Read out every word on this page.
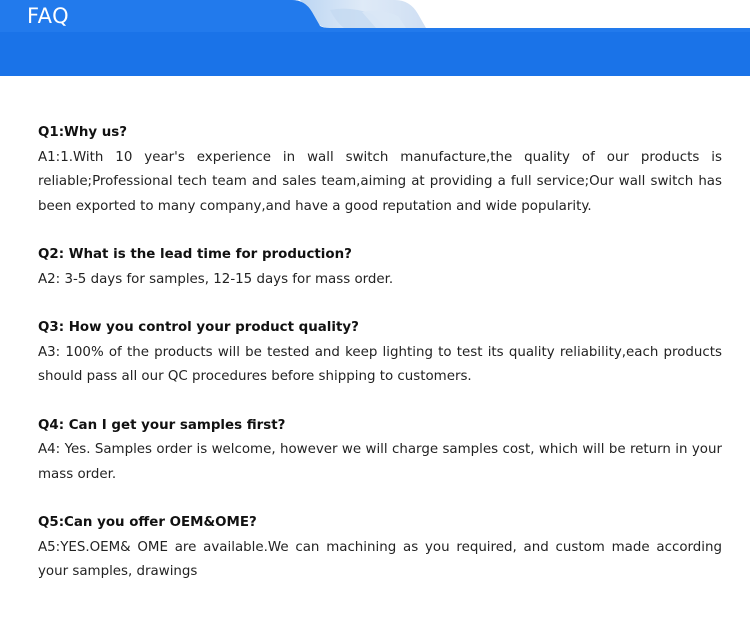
FAQ

Q1:Why us?

A1:1.With 10 year's experience in wall switch manufacture,the quality of our products is reliable;Professional tech team and sales team,aiming at providing a full service;Our wall switch has been exported to many company,and have a good reputation and wide popularity.

Q2: What is the lead time for production?

A2: 3-5 days for samples, 12-15 days for mass order.

Q3: How you control your product quality?

A3: 100% of the products will be tested and keep lighting to test its quality reliability,each products should pass all our QC procedures before shipping to customers.

Q4: Can I get your samples first?

A4: Yes. Samples order is welcome, however we will charge samples cost, which will be return in your mass order.

Q5:Can you offer OEM&OME?

A5:YES.OEM& OME are available.We can machining as you required, and custom made according your samples, drawings
